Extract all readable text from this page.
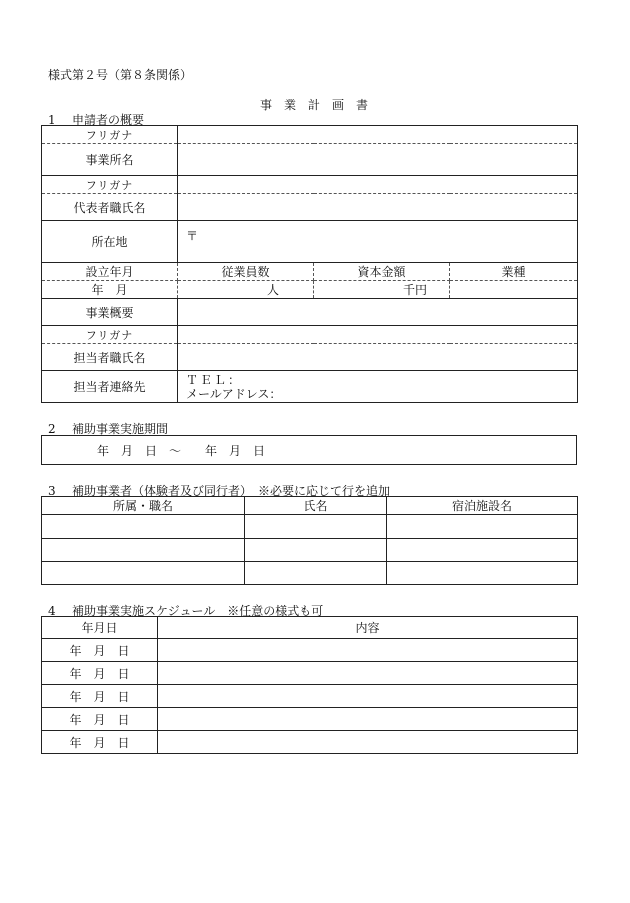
様式第２号（第８条関係）
事業計画書
1 申請者の概要
フリガナ			
事業所名			
フリガナ			
代表者職氏名			
所在地	〒		
設立年月	従業員数	資本金額	業種
年　月	人	千円	
事業概要			
フリガナ			
担当者職氏名			
担当者連絡先	ＴＥＬ：
メールアドレス：		
2 補助事業実施期間
年　月　日　～　　年　月　日
3 補助事業者（体験者及び同行者）　※必要に応じて行を追加
所属・職名	氏名	宿泊施設名

4 補助事業実施スケジュール　※任意の様式も可
年月日	内容
年　月　日	
年　月　日	
年　月　日	
年　月　日	
年　月　日	
